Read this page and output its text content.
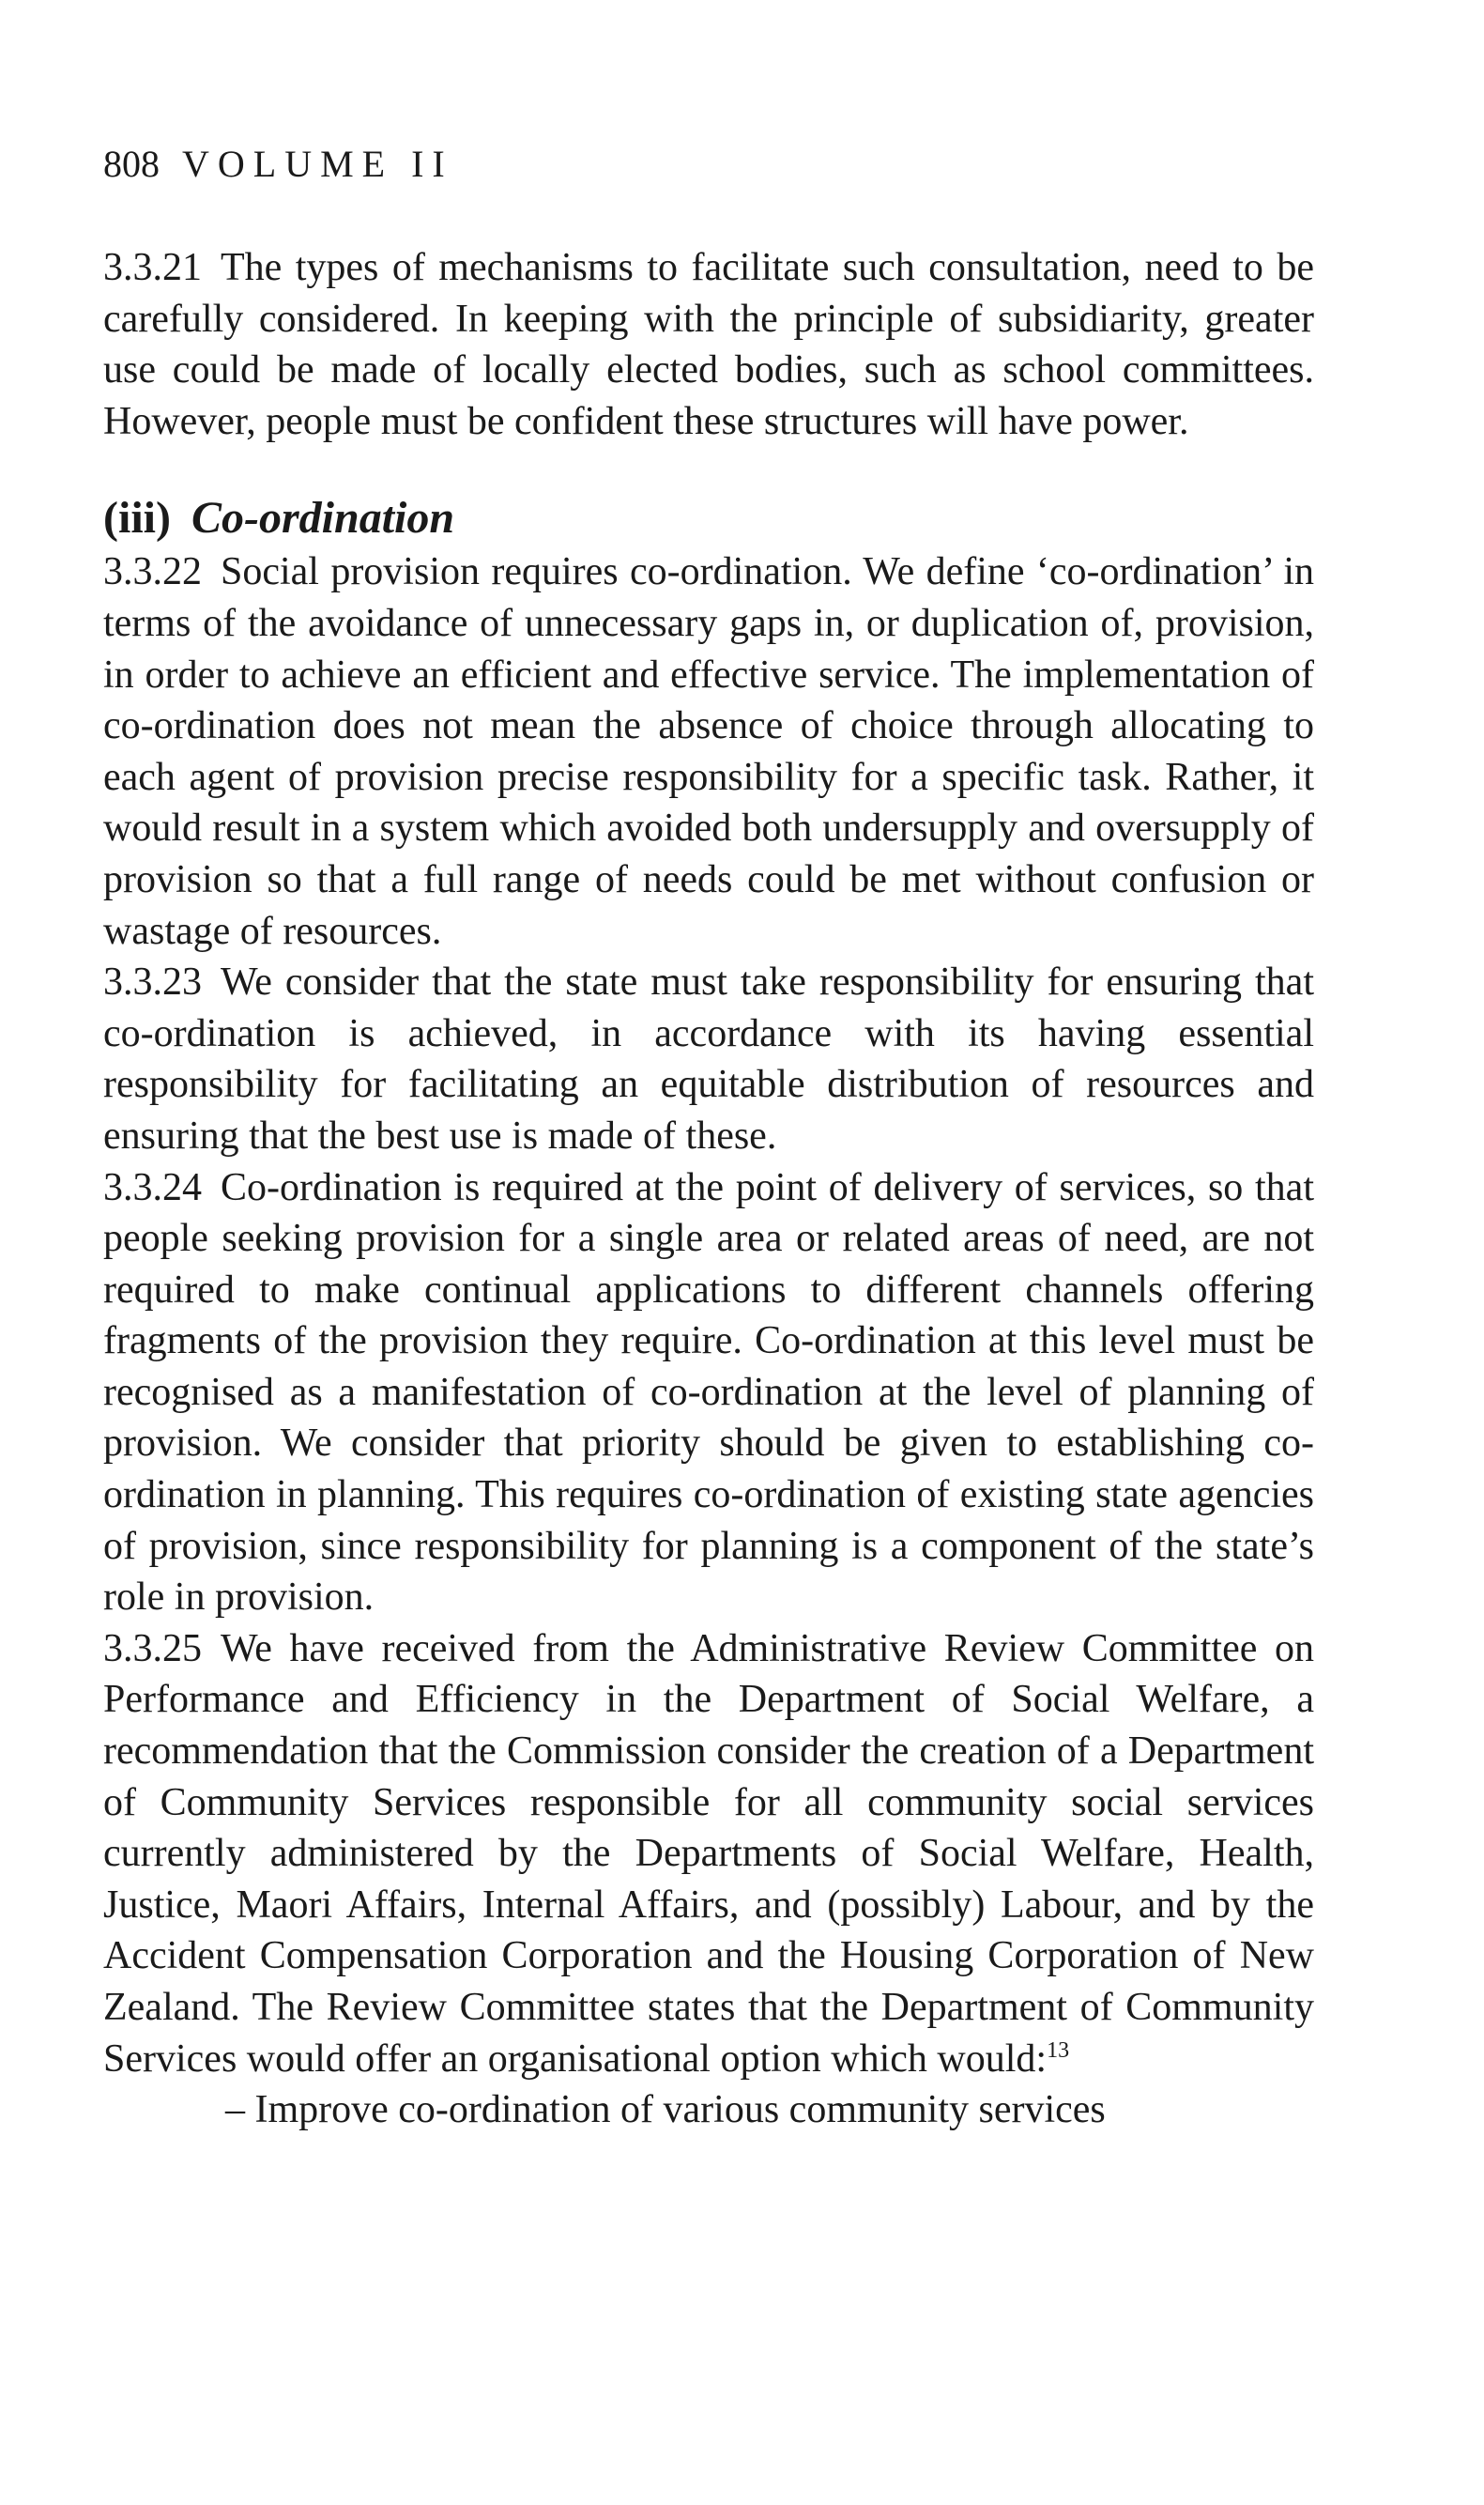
808 VOLUME II

3.3.21 The types of mechanisms to facilitate such consultation, need to be carefully considered. In keeping with the principle of subsidiarity, greater use could be made of locally elected bodies, such as school committees. However, people must be confident these structures will have power.

(iii) Co-ordination

3.3.22 Social provision requires co-ordination. We define ‘co-ordination’ in terms of the avoidance of unnecessary gaps in, or duplication of, provision, in order to achieve an efficient and effective service. The implementation of co-ordination does not mean the absence of choice through allocating to each agent of provision precise responsibility for a specific task. Rather, it would result in a system which avoided both undersupply and oversupply of provision so that a full range of needs could be met without confusion or wastage of resources.

3.3.23 We consider that the state must take responsibility for ensuring that co-ordination is achieved, in accordance with its having essential responsibility for facilitating an equitable distribution of resources and ensuring that the best use is made of these.

3.3.24 Co-ordination is required at the point of delivery of services, so that people seeking provision for a single area or related areas of need, are not required to make continual applications to different channels offering fragments of the provision they require. Co-ordination at this level must be recognised as a manifestation of co-ordination at the level of planning of provision. We consider that priority should be given to establishing co-ordination in planning. This requires co-ordination of existing state agencies of provision, since responsibility for planning is a component of the state’s role in provision.

3.3.25 We have received from the Administrative Review Committee on Performance and Efficiency in the Department of Social Welfare, a recommendation that the Commission consider the creation of a Department of Community Services responsible for all community social services currently administered by the Departments of Social Welfare, Health, Justice, Maori Affairs, Internal Affairs, and (possibly) Labour, and by the Accident Compensation Corporation and the Housing Corporation of New Zealand. The Review Committee states that the Department of Community Services would offer an organisational option which would:$^{13}$

– Improve co-ordination of various community services
